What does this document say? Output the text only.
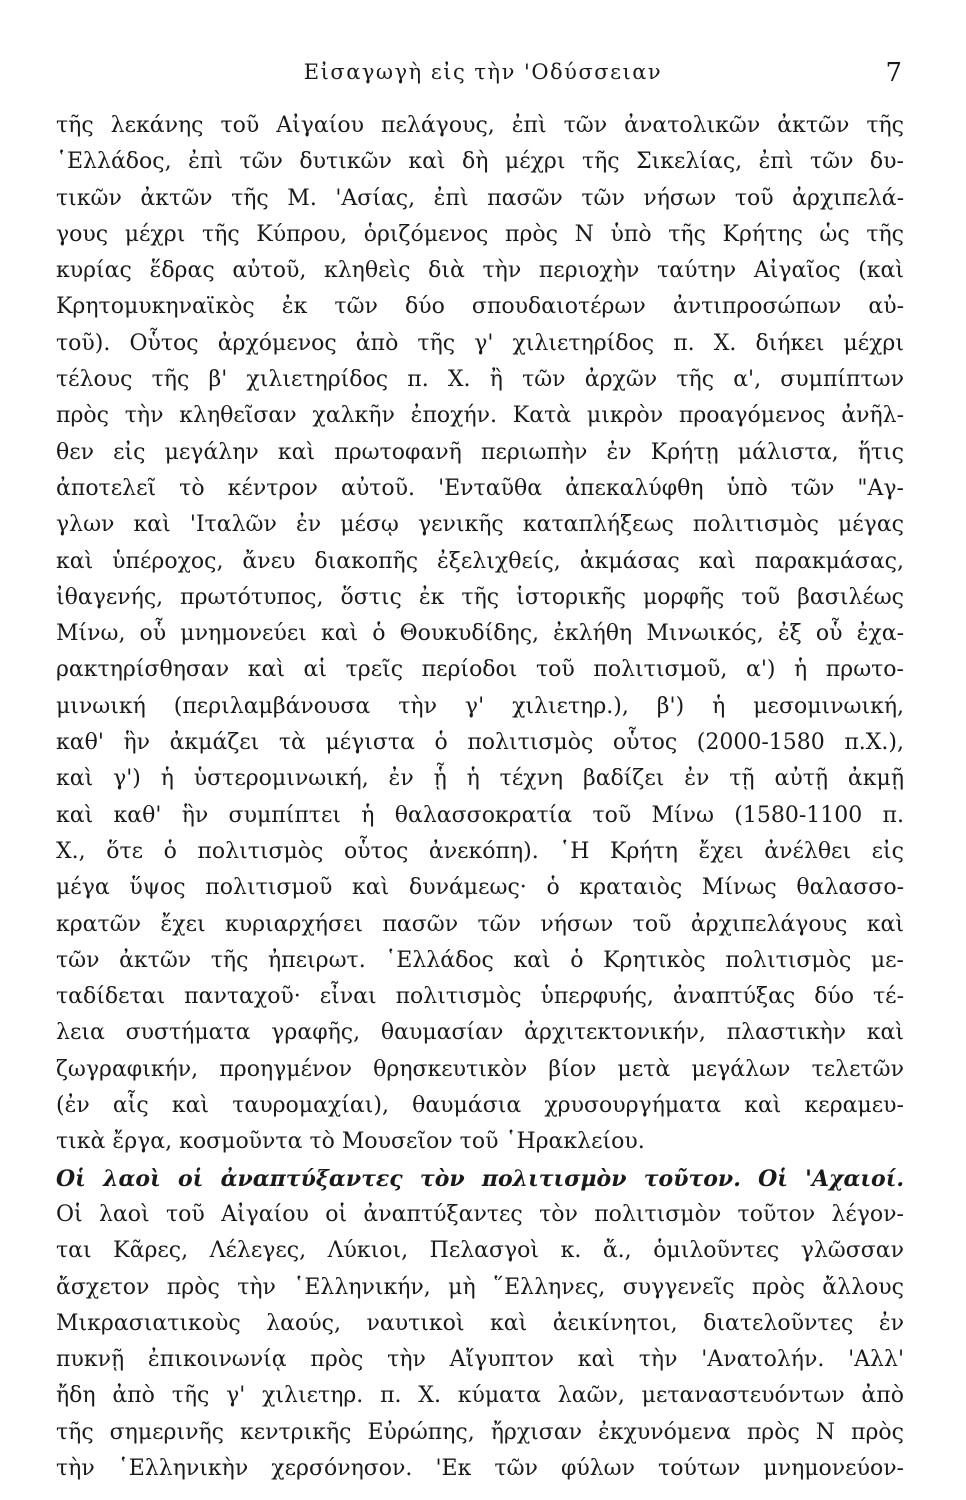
Εἰσαγωγὴ εἰς τὴν 'Οδύσσειαν	7
τῆς λεκάνης τοῦ Αἰγαίου πελάγους, ἐπὶ τῶν ἀνατολικῶν ἀκτῶν τῆς
῾Ελλάδος, ἐπὶ τῶν δυτικῶν καὶ δὴ μέχρι τῆς Σικελίας, ἐπὶ τῶν δυ-
τικῶν ἀκτῶν τῆς Μ. 'Ασίας, ἐπὶ πασῶν τῶν νήσων τοῦ ἀρχιπελά-
γους μέχρι τῆς Κύπρου, ὁριζόμενος πρὸς Ν ὑπὸ τῆς Κρήτης ὡς τῆς
κυρίας ἕδρας αὐτοῦ, κληθεὶς διὰ τὴν περιοχὴν ταύτην Αἰγαῖος (καὶ
Κρητομυκηναϊκὸς ἐκ τῶν δύο σπουδαιοτέρων ἀντιπροσώπων αὐ-
τοῦ). Οὗτος ἀρχόμενος ἀπὸ τῆς γ' χιλιετηρίδος π. Χ. διήκει μέχρι
τέλους τῆς β' χιλιετηρίδος π. Χ. ἢ τῶν ἀρχῶν τῆς α', συμπίπτων
πρὸς τὴν κληθεῖσαν χαλκῆν ἐποχήν. Κατὰ μικρὸν προαγόμενος ἀνῆλ-
θεν εἰς μεγάλην καὶ πρωτοφανῆ περιωπὴν ἐν Κρήτῃ μάλιστα, ἥτις
ἀποτελεῖ τὸ κέντρον αὐτοῦ. 'Ενταῦθα ἀπεκαλύφθη ὑπὸ τῶν "Αγ-
γλων καὶ 'Ιταλῶν ἐν μέσῳ γενικῆς καταπλήξεως πολιτισμὸς μέγας
καὶ ὑπέροχος, ἄνευ διακοπῆς ἐξελιχθείς, ἀκμάσας καὶ παρακμάσας,
ἰθαγενής, πρωτότυπος, ὅστις ἐκ τῆς ἱστορικῆς μορφῆς τοῦ βασιλέως
Μίνω, οὗ μνημονεύει καὶ ὁ Θουκυδίδης, ἐκλήθη Μινωικός, ἐξ οὗ ἐχα-
ρακτηρίσθησαν καὶ αἱ τρεῖς περίοδοι τοῦ πολιτισμοῦ, α') ἡ πρωτο-
μινωική (περιλαμβάνουσα τὴν γ' χιλιετηρ.), β') ἡ μεσομινωική,
καθ' ἣν ἀκμάζει τὰ μέγιστα ὁ πολιτισμὸς οὗτος (2000-1580 π.Χ.),
καὶ γ') ἡ ὑστερομινωική, ἐν ᾗ ἡ τέχνη βαδίζει ἐν τῇ αὐτῇ ἀκμῇ
καὶ καθ' ἣν συμπίπτει ἡ θαλασσοκρατία τοῦ Μίνω (1580-1100 π.
Χ., ὅτε ὁ πολιτισμὸς οὗτος ἀνεκόπη). ῾Η Κρήτη ἔχει ἀνέλθει εἰς
μέγα ὕψος πολιτισμοῦ καὶ δυνάμεως· ὁ κραταιὸς Μίνως θαλασσο-
κρατῶν ἔχει κυριαρχήσει πασῶν τῶν νήσων τοῦ ἀρχιπελάγους καὶ
τῶν ἀκτῶν τῆς ἠπειρωτ. ῾Ελλάδος καὶ ὁ Κρητικὸς πολιτισμὸς με-
ταδίδεται πανταχοῦ· εἶναι πολιτισμὸς ὑπερφυής, ἀναπτύξας δύο τέ-
λεια συστήματα γραφῆς, θαυμασίαν ἀρχιτεκτονικήν, πλαστικὴν καὶ
ζωγραφικήν, προηγμένον θρησκευτικὸν βίον μετὰ μεγάλων τελετῶν
(ἐν αἷς καὶ ταυρομαχίαι), θαυμάσια χρυσουργήματα καὶ κεραμευ-
τικὰ ἔργα, κοσμοῦντα τὸ Μουσεῖον τοῦ ῾Ηρακλείου.
Οἱ λαοὶ οἱ ἀναπτύξαντες τὸν πολιτισμὸν τοῦτον. Οἱ 'Αχαιοί.
Οἱ λαοὶ τοῦ Αἰγαίου οἱ ἀναπτύξαντες τὸν πολιτισμὸν τοῦτον λέγον-
ται Κᾶρες, Λέλεγες, Λύκιοι, Πελασγοὶ κ. ἄ., ὁμιλοῦντες γλῶσσαν
ἄσχετον πρὸς τὴν ῾Ελληνικήν, μὴ ῞Ελληνες, συγγενεῖς πρὸς ἄλλους
Μικρασιατικοὺς λαούς, ναυτικοὶ καὶ ἀεικίνητοι, διατελοῦντες ἐν
πυκνῇ ἐπικοινωνίᾳ πρὸς τὴν Αἴγυπτον καὶ τὴν 'Ανατολήν. 'Αλλ'
ἤδη ἀπὸ τῆς γ' χιλιετηρ. π. Χ. κύματα λαῶν, μεταναστευόντων ἀπὸ
τῆς σημερινῆς κεντρικῆς Εὐρώπης, ἤρχισαν ἐκχυνόμενα πρὸς Ν πρὸς
τὴν ῾Ελληνικὴν χερσόνησον. 'Εκ τῶν φύλων τούτων μνημονεύον-
